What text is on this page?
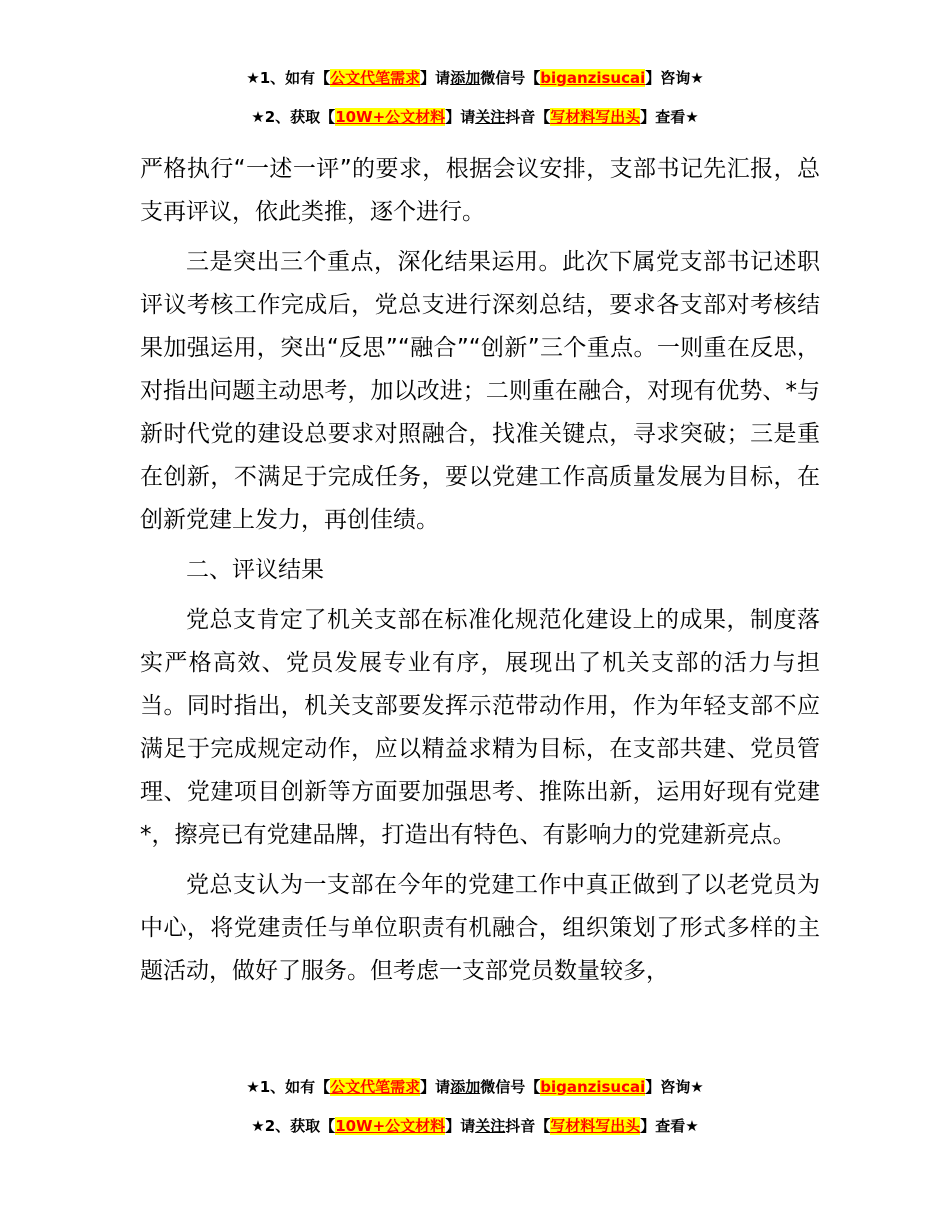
★1、如有【公文代笔需求】请添加微信号【biganzisucai】咨询★
★2、获取【10W+公文材料】请关注抖音【写材料写出头】查看★

严格执行“一述一评”的要求，根据会议安排，支部书记先汇报，总支再评议，依此类推，逐个进行。

三是突出三个重点，深化结果运用。此次下属党支部书记述职评议考核工作完成后，党总支进行深刻总结，要求各支部对考核结果加强运用，突出“反思”“融合”“创新”三个重点。一则重在反思，对指出问题主动思考，加以改进；二则重在融合，对现有优势、*与新时代党的建设总要求对照融合，找准关键点，寻求突破；三是重在创新，不满足于完成任务，要以党建工作高质量发展为目标，在创新党建上发力，再创佳绩。

二、评议结果

党总支肯定了机关支部在标准化规范化建设上的成果，制度落实严格高效、党员发展专业有序，展现出了机关支部的活力与担当。同时指出，机关支部要发挥示范带动作用，作为年轻支部不应满足于完成规定动作，应以精益求精为目标，在支部共建、党员管理、党建项目创新等方面要加强思考、推陈出新，运用好现有党建*，擦亮已有党建品牌，打造出有特色、有影响力的党建新亮点。

党总支认为一支部在今年的党建工作中真正做到了以老党员为中心，将党建责任与单位职责有机融合，组织策划了形式多样的主题活动，做好了服务。但考虑一支部党员数量较多，

★1、如有【公文代笔需求】请添加微信号【biganzisucai】咨询★
★2、获取【10W+公文材料】请关注抖音【写材料写出头】查看★
